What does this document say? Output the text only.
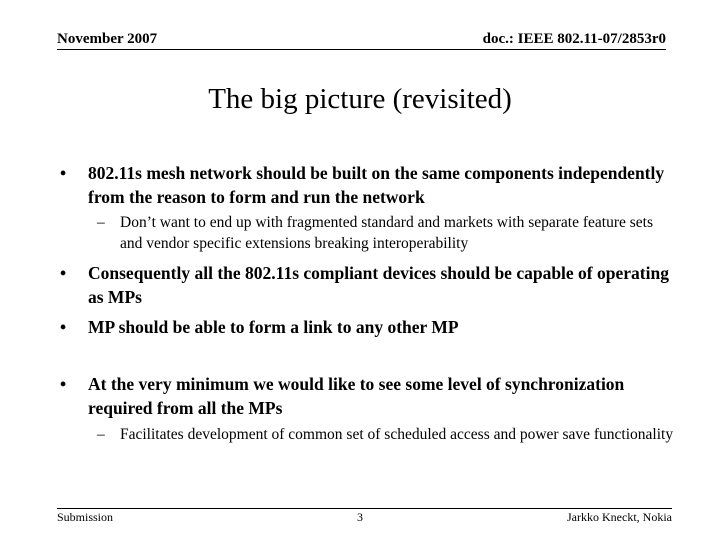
November 2007	doc.: IEEE 802.11-07/2853r0
The big picture (revisited)
• 802.11s mesh network should be built on the same components independently from the reason to form and run the network
– Don’t want to end up with fragmented standard and markets with separate feature sets and vendor specific extensions breaking interoperability
• Consequently all the 802.11s compliant devices should be capable of operating as MPs
• MP should be able to form a link to any other MP
• At the very minimum we would like to see some level of synchronization required from all the MPs
– Facilitates development of common set of scheduled access and power save functionality
Submission	3	Jarkko Kneckt, Nokia
